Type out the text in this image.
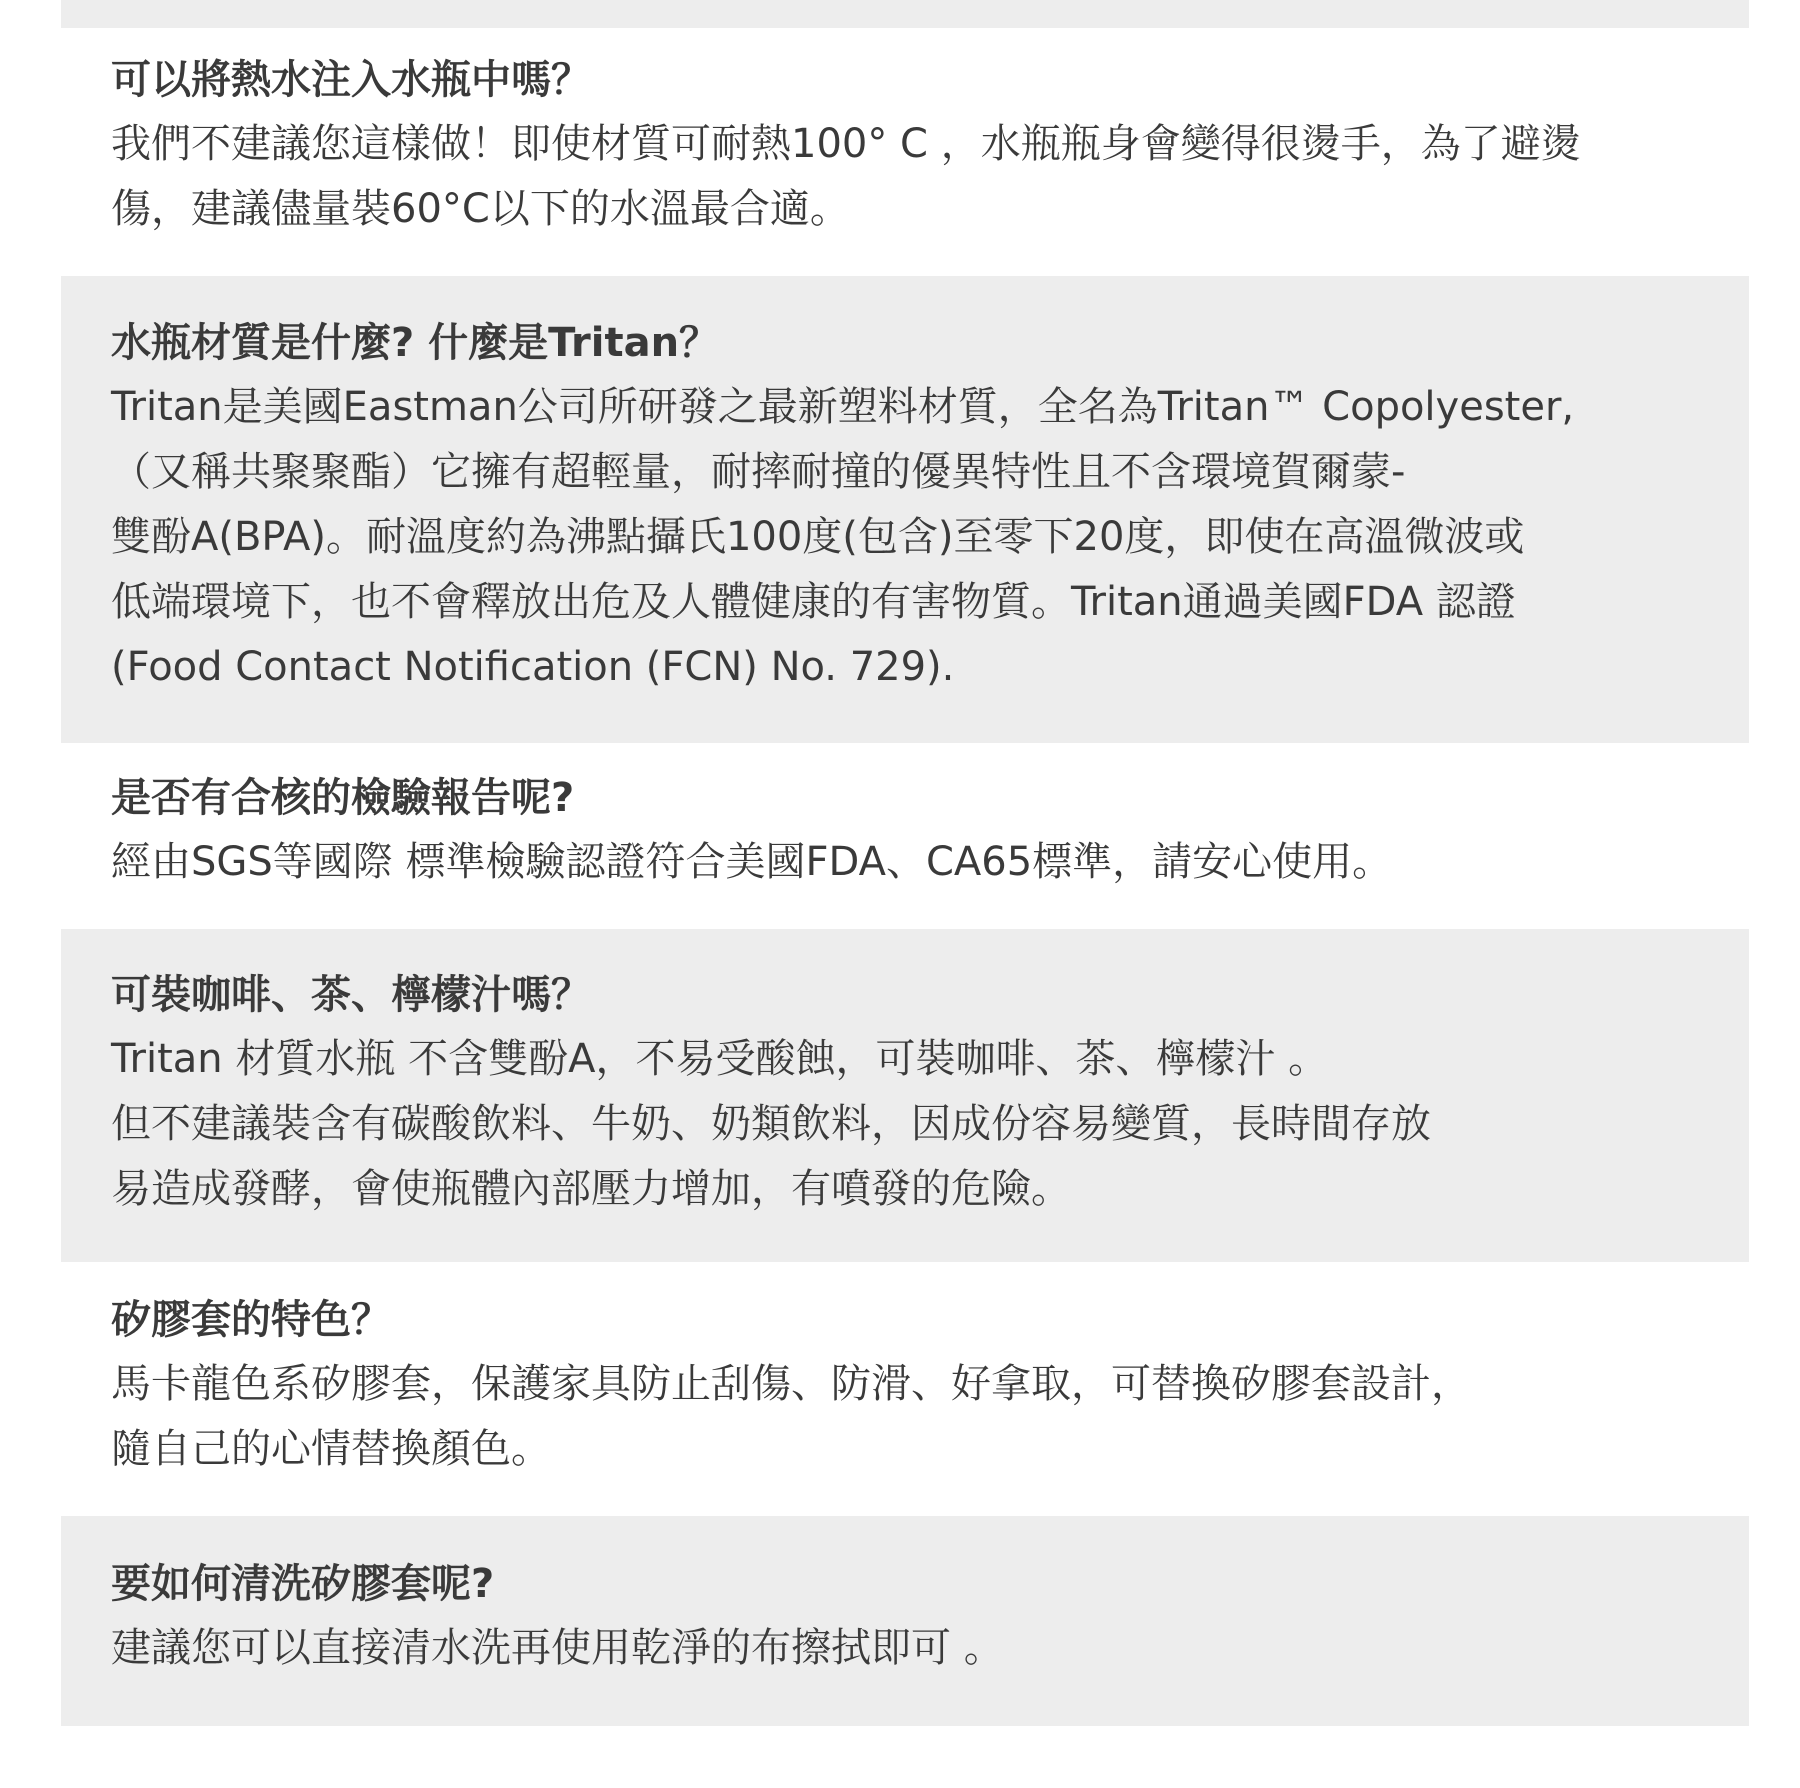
可以將熱水注入水瓶中嗎？
我們不建議您這樣做！即使材質可耐熱100° C ，水瓶瓶身會變得很燙手，為了避燙
傷，建議儘量裝60°C以下的水溫最合適。
水瓶材質是什麼? 什麼是Tritan？
Tritan是美國Eastman公司所研發之最新塑料材質，全名為Tritan™ Copolyester,
（又稱共聚聚酯）它擁有超輕量，耐摔耐撞的優異特性且不含環境賀爾蒙-
雙酚A(BPA)。耐溫度約為沸點攝氏100度(包含)至零下20度，即使在高溫微波或
低端環境下，也不會釋放出危及人體健康的有害物質。Tritan通過美國FDA 認證
(Food Contact Notification (FCN) No. 729).
是否有合核的檢驗報告呢?
經由SGS等國際 標準檢驗認證符合美國FDA、CA65標準，請安心使用。
可裝咖啡、茶、檸檬汁嗎？
Tritan 材質水瓶 不含雙酚A，不易受酸蝕，可裝咖啡、茶、檸檬汁 。
但不建議裝含有碳酸飲料、牛奶、奶類飲料，因成份容易變質，長時間存放
易造成發酵，會使瓶體內部壓力增加，有噴發的危險。
矽膠套的特色？
馬卡龍色系矽膠套，保護家具防止刮傷、防滑、好拿取，可替換矽膠套設計，
隨自己的心情替換顏色。
要如何清洗矽膠套呢?
建議您可以直接清水洗再使用乾淨的布擦拭即可 。
